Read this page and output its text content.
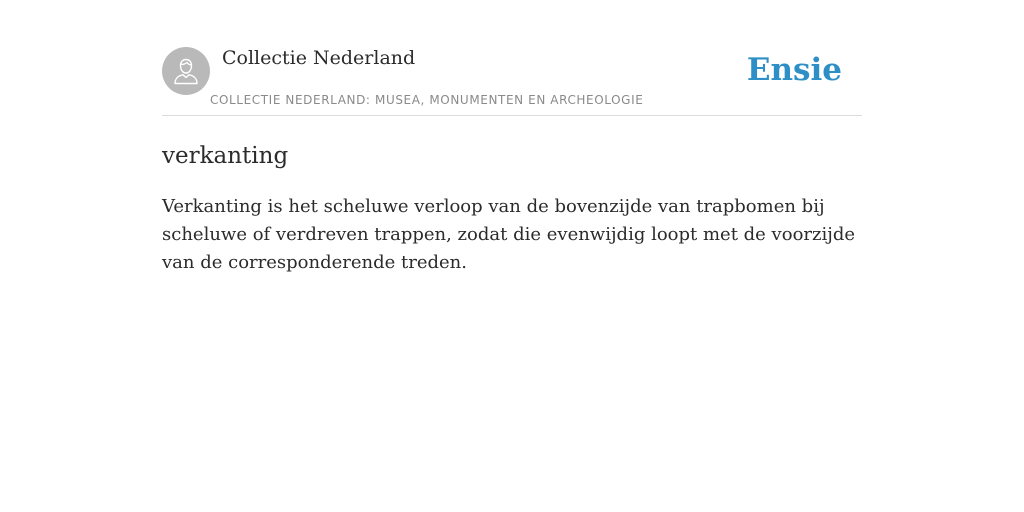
Collectie Nederland
COLLECTIE NEDERLAND: MUSEA, MONUMENTEN EN ARCHEOLOGIE
Ensie
verkanting

Verkanting is het scheluwe verloop van de bovenzijde van trapbomen bij scheluwe of verdreven trappen, zodat die evenwijdig loopt met de voorzijde van de corresponderende treden.
